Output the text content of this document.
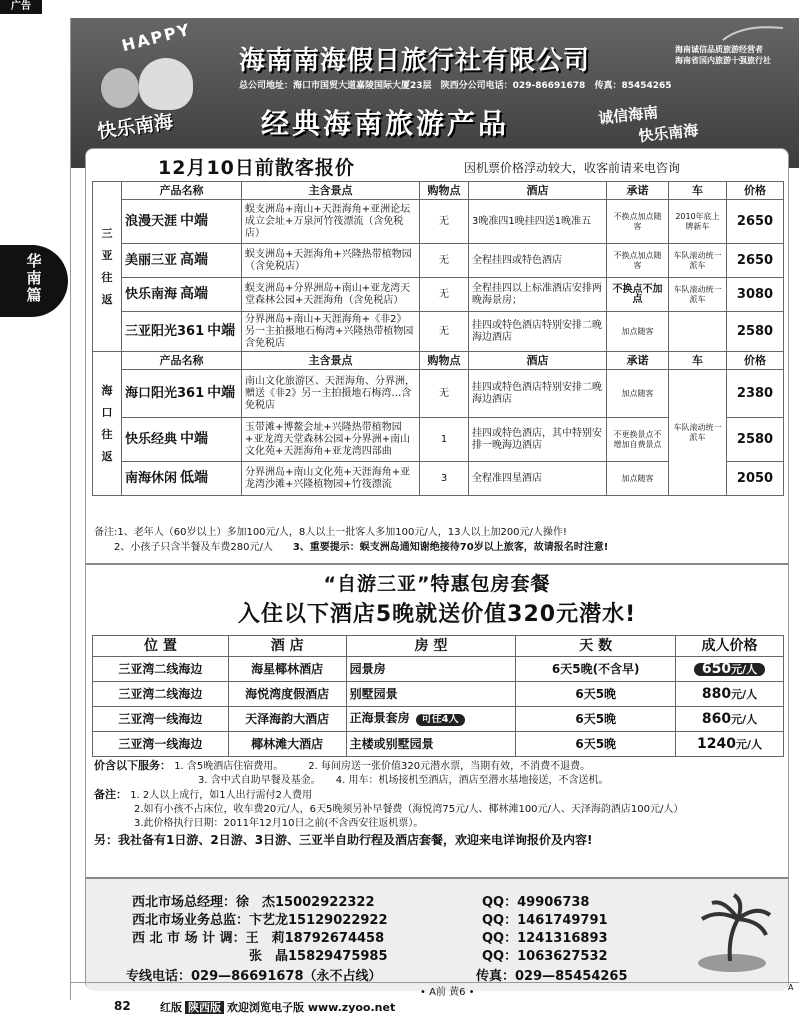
广告
华
南
篇
HAPPY
快乐南海
海南南海假日旅行社有限公司	海南诚信品质旅游经营者
海南省国内旅游十强旅行社
总公司地址：海口市国贸大道嘉陵国际大厦23层 陕西分公司电话：029-86691678 传真：85454265
经典海南旅游产品	诚信海南
快乐南海
12月10日前散客报价	因机票价格浮动较大，收客前请来电咨询
三
亚
往
返	产品名称	主含景点	购物点	酒店	承诺	车	价格
	浪漫天涯 中端	蜈支洲岛+南山+天涯海角+亚洲论坛成立会址+万泉河竹筏漂流（含免税店）	无	3晚准四1晚挂四送1晚准五	不换点加点随客	2010年底上牌新车	2650
	美丽三亚 高端	蜈支洲岛+天涯海角+兴隆热带植物园（含免税店）	无	全程挂四或特色酒店	不换点加点随客	车队滚动统一派车	2650
	快乐南海 高端	蜈支洲岛+分界洲岛+南山+亚龙湾天堂森林公园+天涯海角（含免税店）	无	全程挂四以上标准酒店安排两晚海景房；	不换点不加点	车队滚动统一派车	3080
	三亚阳光361 中端	分界洲岛+南山+天涯海角+《非2》另一主拍摄地石梅湾+兴隆热带植物园含免税店	无	挂四或特色酒店特别安排二晚海边酒店	加点随客		2580
海
口
往
返	产品名称	主含景点	购物点	酒店	承诺	车	价格
	海口阳光361 中端	南山文化旅游区、天涯海角、分界洲，赠送《非2》另一主拍摄地石梅湾…含免税店	无	挂四或特色酒店特别安排二晚海边酒店	加点随客	车队滚动统一派车	2380
	快乐经典 中端	玉带滩+博鳌会址+兴隆热带植物园+亚龙湾天堂森林公园+分界洲+南山文化苑+天涯海角+亚龙湾四部曲	1	挂四或特色酒店，其中特别安排一晚海边酒店	不更换景点不增加自费景点		2580
	南海休闲 低端	分界洲岛+南山文化苑+天涯海角+亚龙湾沙滩+兴隆植物园+竹筏漂流	3	全程准四星酒店	加点随客		2050
备注:1、老年人（60岁以上）多加100元/人，8人以上一批客人多加100元/人，13人以上加200元/人操作!
2、小孩子只含半餐及车费280元/人　　 3、重要提示：蜈支洲岛通知谢绝接待70岁以上旅客，故请报名时注意!
“自游三亚”特惠包房套餐
入住以下酒店5晚就送价值320元潜水!
位 置	酒 店	房 型	天 数	成人价格
三亚湾二线海边	海星椰林酒店	园景房	6天5晚(不含早)	650元/人
三亚湾二线海边	海悦湾度假酒店	别墅园景	6天5晚	880元/人
三亚湾一线海边	天泽海韵大酒店	正海景套房 可住4人	6天5晚	860元/人
三亚湾一线海边	椰林滩大酒店	主楼或别墅园景	6天5晚	1240元/人
价含以下服务： 1. 含5晚酒店住宿费用。　　　	2. 每间房送一张价值320元潜水票，当期有效，不消费不退费。
3. 含中式自助早餐及基金。　　 4. 用车：机场接机至酒店，酒店至潜水基地接送，不含送机。
备注： 1. 2人以上成行，如1人出行需付2人费用
2.如有小孩不占床位，收车费20元/人，6天5晚须另补早餐费（海悦湾75元/人、椰林滩100元/人、天泽海韵酒店100元/人）
3.此价格执行日期：2011年12月10日之前(不含西安往返机票）。
另：我社备有1日游、2日游、3日游、三亚半自助行程及酒店套餐，欢迎来电详询报价及内容!
西北市场总经理：徐　杰15002922322	QQ：49906738
西北市场业务总监：卞艺龙15129022922	QQ：1461749791
西 北 市 场 计 调：王　莉18792674458	QQ：1241316893
　　　　　　　　　张　晶15829475985	QQ：1063627532
专线电话：029—86691678（永不占线）	传真：029—85454265
• A前 黄6 •	A
82	红版 陕西版 欢迎浏览电子版 www.zyoo.net
